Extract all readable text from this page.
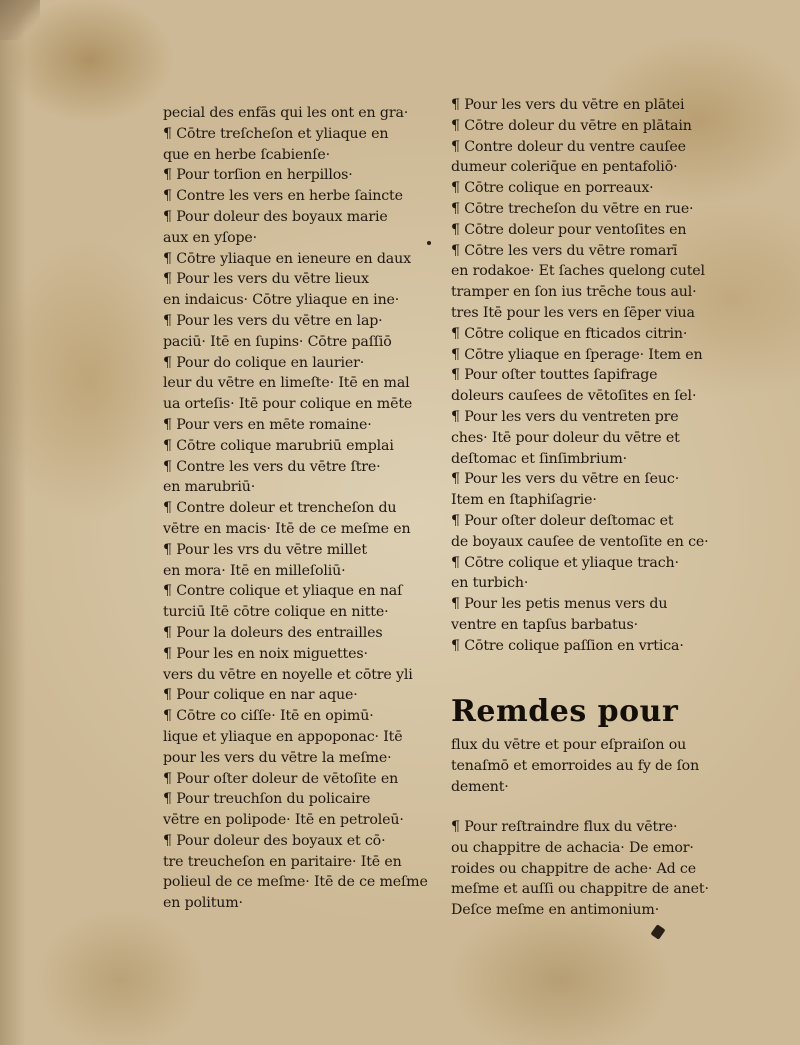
pecial des enfās qui les ont en gra·
¶ Cōtre treſcheſon et yliaque en
que en herbe ſcabienſe·
¶ Pour torſion en herpillos·
¶ Contre les vers en herbe ſaincte
¶ Pour doleur des boyaux marie
aux en yſope·
¶ Cōtre yliaque en ieneure en daux
¶ Pour les vers du vētre lieux
en indaicus· Cōtre yliaque en ine·
¶ Pour les vers du vētre en lap·
paciū· Itē en ſupins· Cōtre paſſiō
¶ Pour do colique en laurier·
leur du vētre en limeſte· Itē en mal
ua orteſis· Itē pour colique en mēte
¶ Pour vers en mēte romaine·
¶ Cōtre colique marubriū emplai
¶ Contre les vers du vētre ſtre·
en marubriū·
¶ Contre doleur et trencheſon du
vētre en macis· Itē de ce meſme en
¶ Pour les vrs du vētre millet
en mora· Itē en milleſoliū·
¶ Contre colique et yliaque en naſ
turciū Itē cōtre colique en nitte·
¶ Pour la doleurs des entrailles
¶ Pour les en noix miguettes·
vers du vētre en noyelle et cōtre yli
¶ Pour colique en nar aque·
¶ Cōtre co ciſſe· Itē en opimū·
lique et yliaque en appoponac· Itē
pour les vers du vētre la meſme·
¶ Pour oſter doleur de vētoſite en
¶ Pour treuchſon du policaire
vētre en polipode· Itē en petroleū·
¶ Pour doleur des boyaux et cō·
tre treucheſon en paritaire· Itē en
polieul de ce meſme· Itē de ce meſme
en politum·
¶ Pour les vers du vētre en plātei
¶ Cōtre doleur du vētre en plātain
¶ Contre doleur du ventre cauſee
dumeur coleriq̄ue en pentafoliō·
¶ Cōtre colique en porreaux·
¶ Cōtre trecheſon du vētre en rue·
¶ Cōtre doleur pour ventoſites en
¶ Cōtre les vers du vētre romarī
en rodakoe· Et ſaches quelong cutel
tramper en ſon ius trēche tous aul·
tres Itē pour les vers en ſēper viua
¶ Cōtre colique en fticados citrin·
¶ Cōtre yliaque en ſperage· Item en
¶ Pour oſter touttes ſapifrage
doleurs cauſees de vētoſites en ſel·
¶ Pour les vers du ventreten pre
ches· Itē pour doleur du vētre et
deſtomac et ſinſimbrium·
¶ Pour les vers du vētre en ſeuc·
Item en ſtaphiſagrie·
¶ Pour oſter doleur deſtomac et
de boyaux cauſee de ventoſite en ce·
¶ Cōtre colique et yliaque trach·
en turbich·
¶ Pour les petis menus vers du
ventre en tapſus barbatus·
¶ Cōtre colique paſſion en vrtica·
Remdes pour
flux du vētre et pour eſpraiſon ou
tenaſmō et emorroides au fy de ſon
dement·
¶ Pour reſtraindre flux du vētre·
ou chappitre de achacia· De emor·
roides ou chappitre de ache· Ad ce
meſme et auſſi ou chappitre de anet·
Deſce meſme en antimonium·
